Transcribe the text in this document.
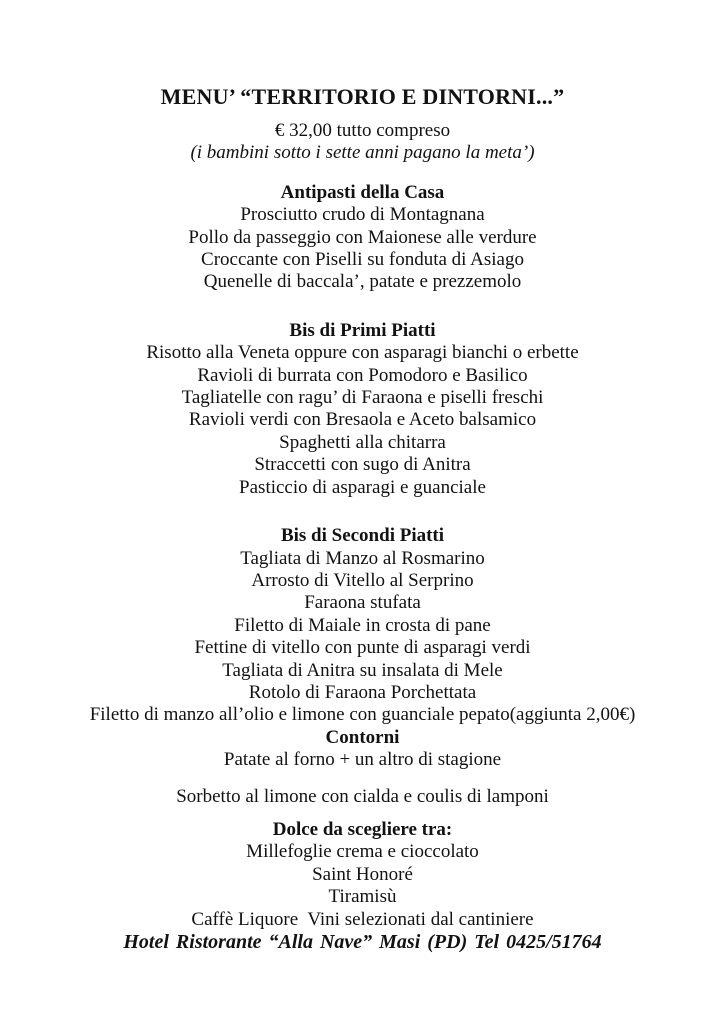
MENU’ “TERRITORIO E DINTORNI...”
€ 32,00 tutto compreso
(i bambini sotto i sette anni pagano la meta’)
Antipasti della Casa
Prosciutto crudo di Montagnana
Pollo da passeggio con Maionese alle verdure
Croccante con Piselli su fonduta di Asiago
Quenelle di baccala’, patate e prezzemolo
Bis di Primi Piatti
Risotto alla Veneta oppure con asparagi bianchi o erbette
Ravioli di burrata con Pomodoro e Basilico
Tagliatelle con ragu’ di Faraona e piselli freschi
Ravioli verdi con Bresaola e Aceto balsamico
Spaghetti alla chitarra
Straccetti con sugo di Anitra
Pasticcio di asparagi e guanciale
Bis di Secondi Piatti
Tagliata di Manzo al Rosmarino
Arrosto di Vitello al Serprino
Faraona stufata
Filetto di Maiale in crosta di pane
Fettine di vitello con punte di asparagi verdi
Tagliata di Anitra su insalata di Mele
Rotolo di Faraona Porchettata
Filetto di manzo all’olio e limone con guanciale pepato(aggiunta 2,00€)
Contorni
Patate al forno + un altro di stagione
Sorbetto al limone con cialda e coulis di lamponi
Dolce da scegliere tra:
Millefoglie crema e cioccolato
Saint Honoré
Tiramisù
Caffè Liquore  Vini selezionati dal cantiniere
Hotel Ristorante “Alla Nave” Masi (PD) Tel 0425/51764
